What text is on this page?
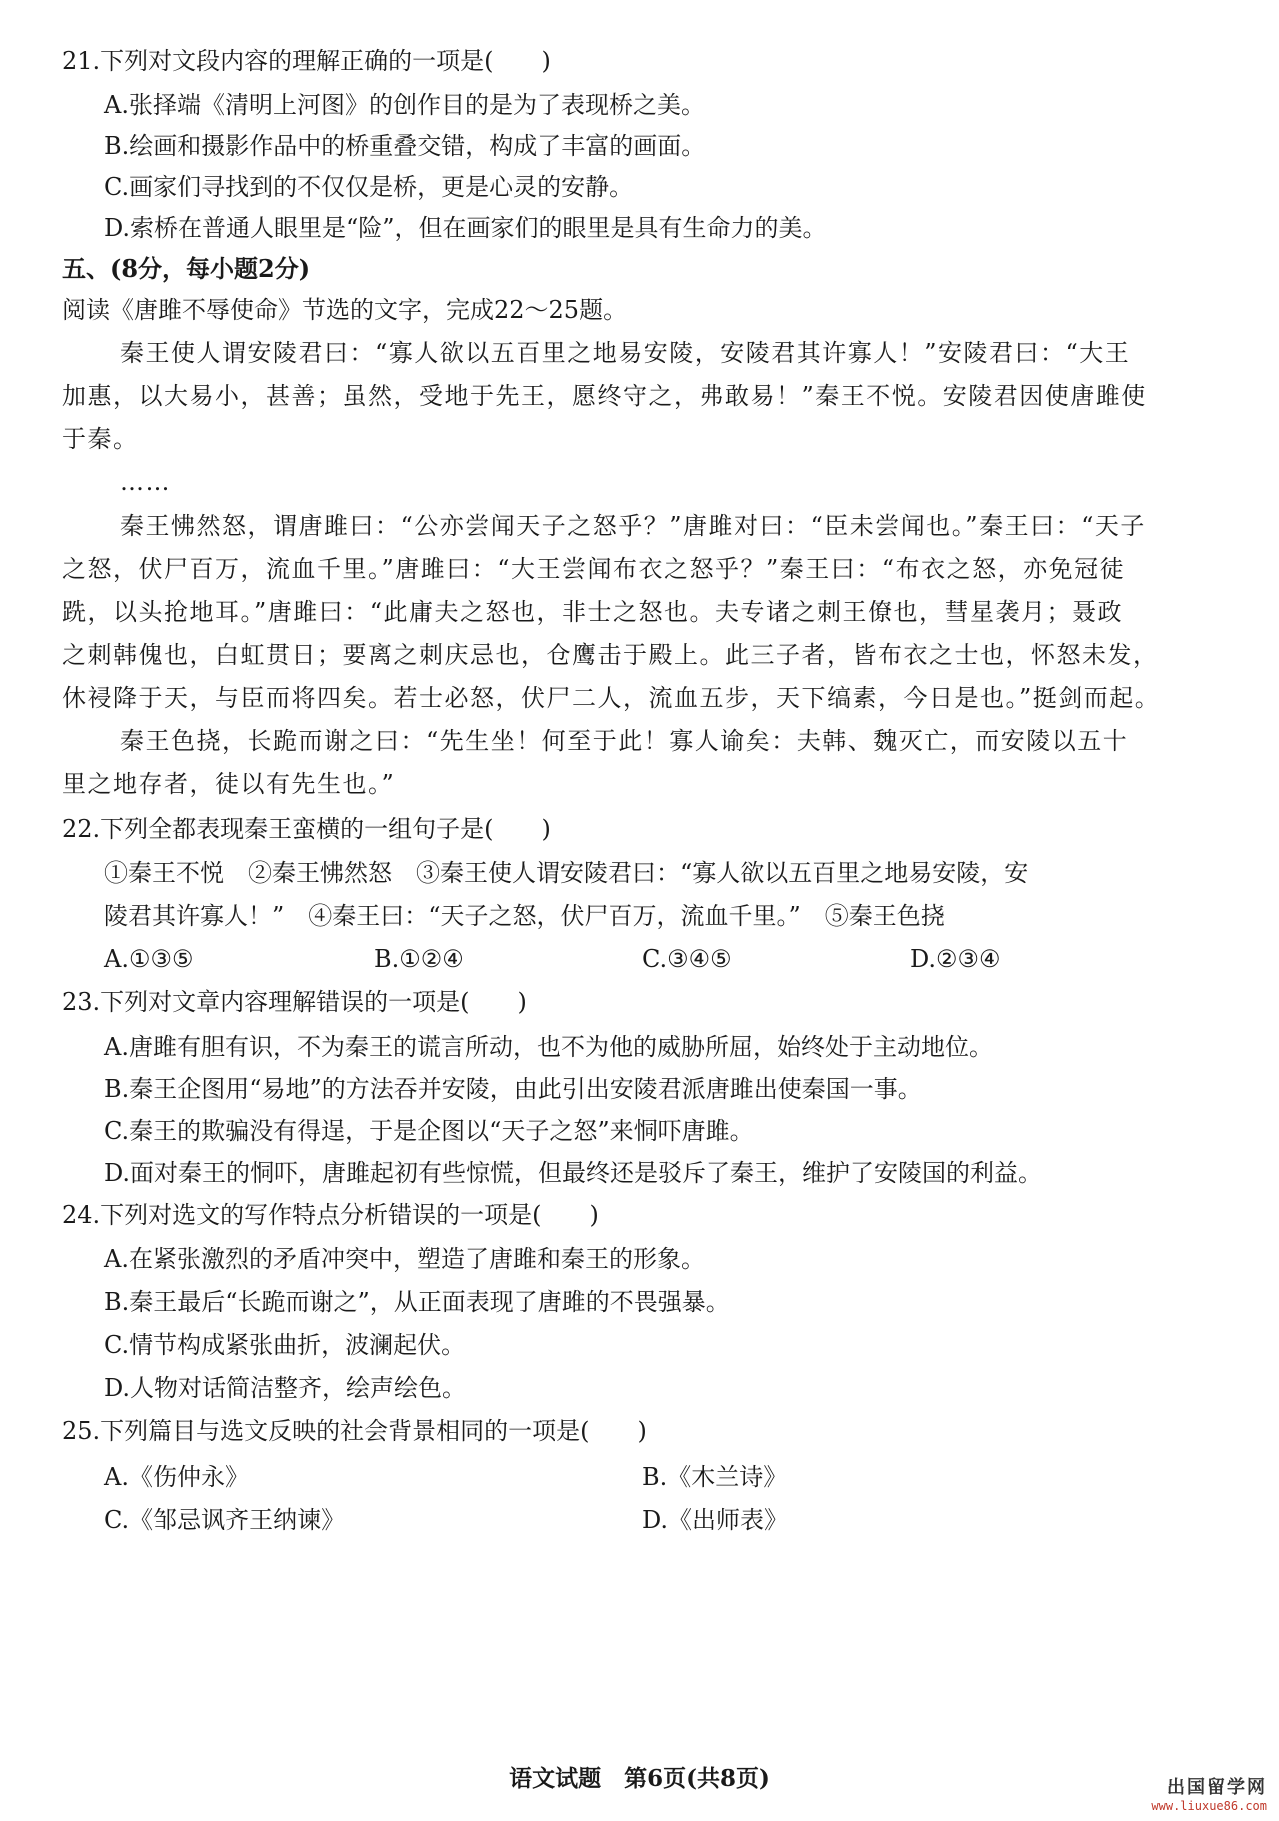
21.下列对文段内容的理解正确的一项是(　　)
A.张择端《清明上河图》的创作目的是为了表现桥之美。
B.绘画和摄影作品中的桥重叠交错，构成了丰富的画面。
C.画家们寻找到的不仅仅是桥，更是心灵的安静。
D.索桥在普通人眼里是“险”，但在画家们的眼里是具有生命力的美。
五、(8分，每小题2分)
阅读《唐雎不辱使命》节选的文字，完成22～25题。
秦王使人谓安陵君曰：“寡人欲以五百里之地易安陵，安陵君其许寡人！”安陵君曰：“大王
加惠，以大易小，甚善；虽然，受地于先王，愿终守之，弗敢易！”秦王不悦。安陵君因使唐雎使
于秦。
……
秦王怫然怒，谓唐雎曰：“公亦尝闻天子之怒乎？”唐雎对曰：“臣未尝闻也。”秦王曰：“天子
之怒，伏尸百万，流血千里。”唐雎曰：“大王尝闻布衣之怒乎？”秦王曰：“布衣之怒，亦免冠徒
跣，以头抢地耳。”唐雎曰：“此庸夫之怒也，非士之怒也。夫专诸之刺王僚也，彗星袭月；聂政
之刺韩傀也，白虹贯日；要离之刺庆忌也，仓鹰击于殿上。此三子者，皆布衣之士也，怀怒未发，
休祲降于天，与臣而将四矣。若士必怒，伏尸二人，流血五步，天下缟素，今日是也。”挺剑而起。
秦王色挠，长跪而谢之曰：“先生坐！何至于此！寡人谕矣：夫韩、魏灭亡，而安陵以五十
里之地存者，徒以有先生也。”
22.下列全都表现秦王蛮横的一组句子是(　　)
①秦王不悦　②秦王怫然怒　③秦王使人谓安陵君曰：“寡人欲以五百里之地易安陵，安
陵君其许寡人！”　④秦王曰：“天子之怒，伏尸百万，流血千里。”　⑤秦王色挠
A.①③⑤	B.①②④	C.③④⑤	D.②③④
23.下列对文章内容理解错误的一项是(　　)
A.唐雎有胆有识，不为秦王的谎言所动，也不为他的威胁所屈，始终处于主动地位。
B.秦王企图用“易地”的方法吞并安陵，由此引出安陵君派唐雎出使秦国一事。
C.秦王的欺骗没有得逞，于是企图以“天子之怒”来恫吓唐雎。
D.面对秦王的恫吓，唐雎起初有些惊慌，但最终还是驳斥了秦王，维护了安陵国的利益。
24.下列对选文的写作特点分析错误的一项是(　　)
A.在紧张激烈的矛盾冲突中，塑造了唐雎和秦王的形象。
B.秦王最后“长跪而谢之”，从正面表现了唐雎的不畏强暴。
C.情节构成紧张曲折，波澜起伏。
D.人物对话简洁整齐，绘声绘色。
25.下列篇目与选文反映的社会背景相同的一项是(　　)
A.《伤仲永》	B.《木兰诗》
C.《邹忌讽齐王纳谏》	D.《出师表》
语文试题　第6页(共8页)	出国留学网
www.liuxue86.com
